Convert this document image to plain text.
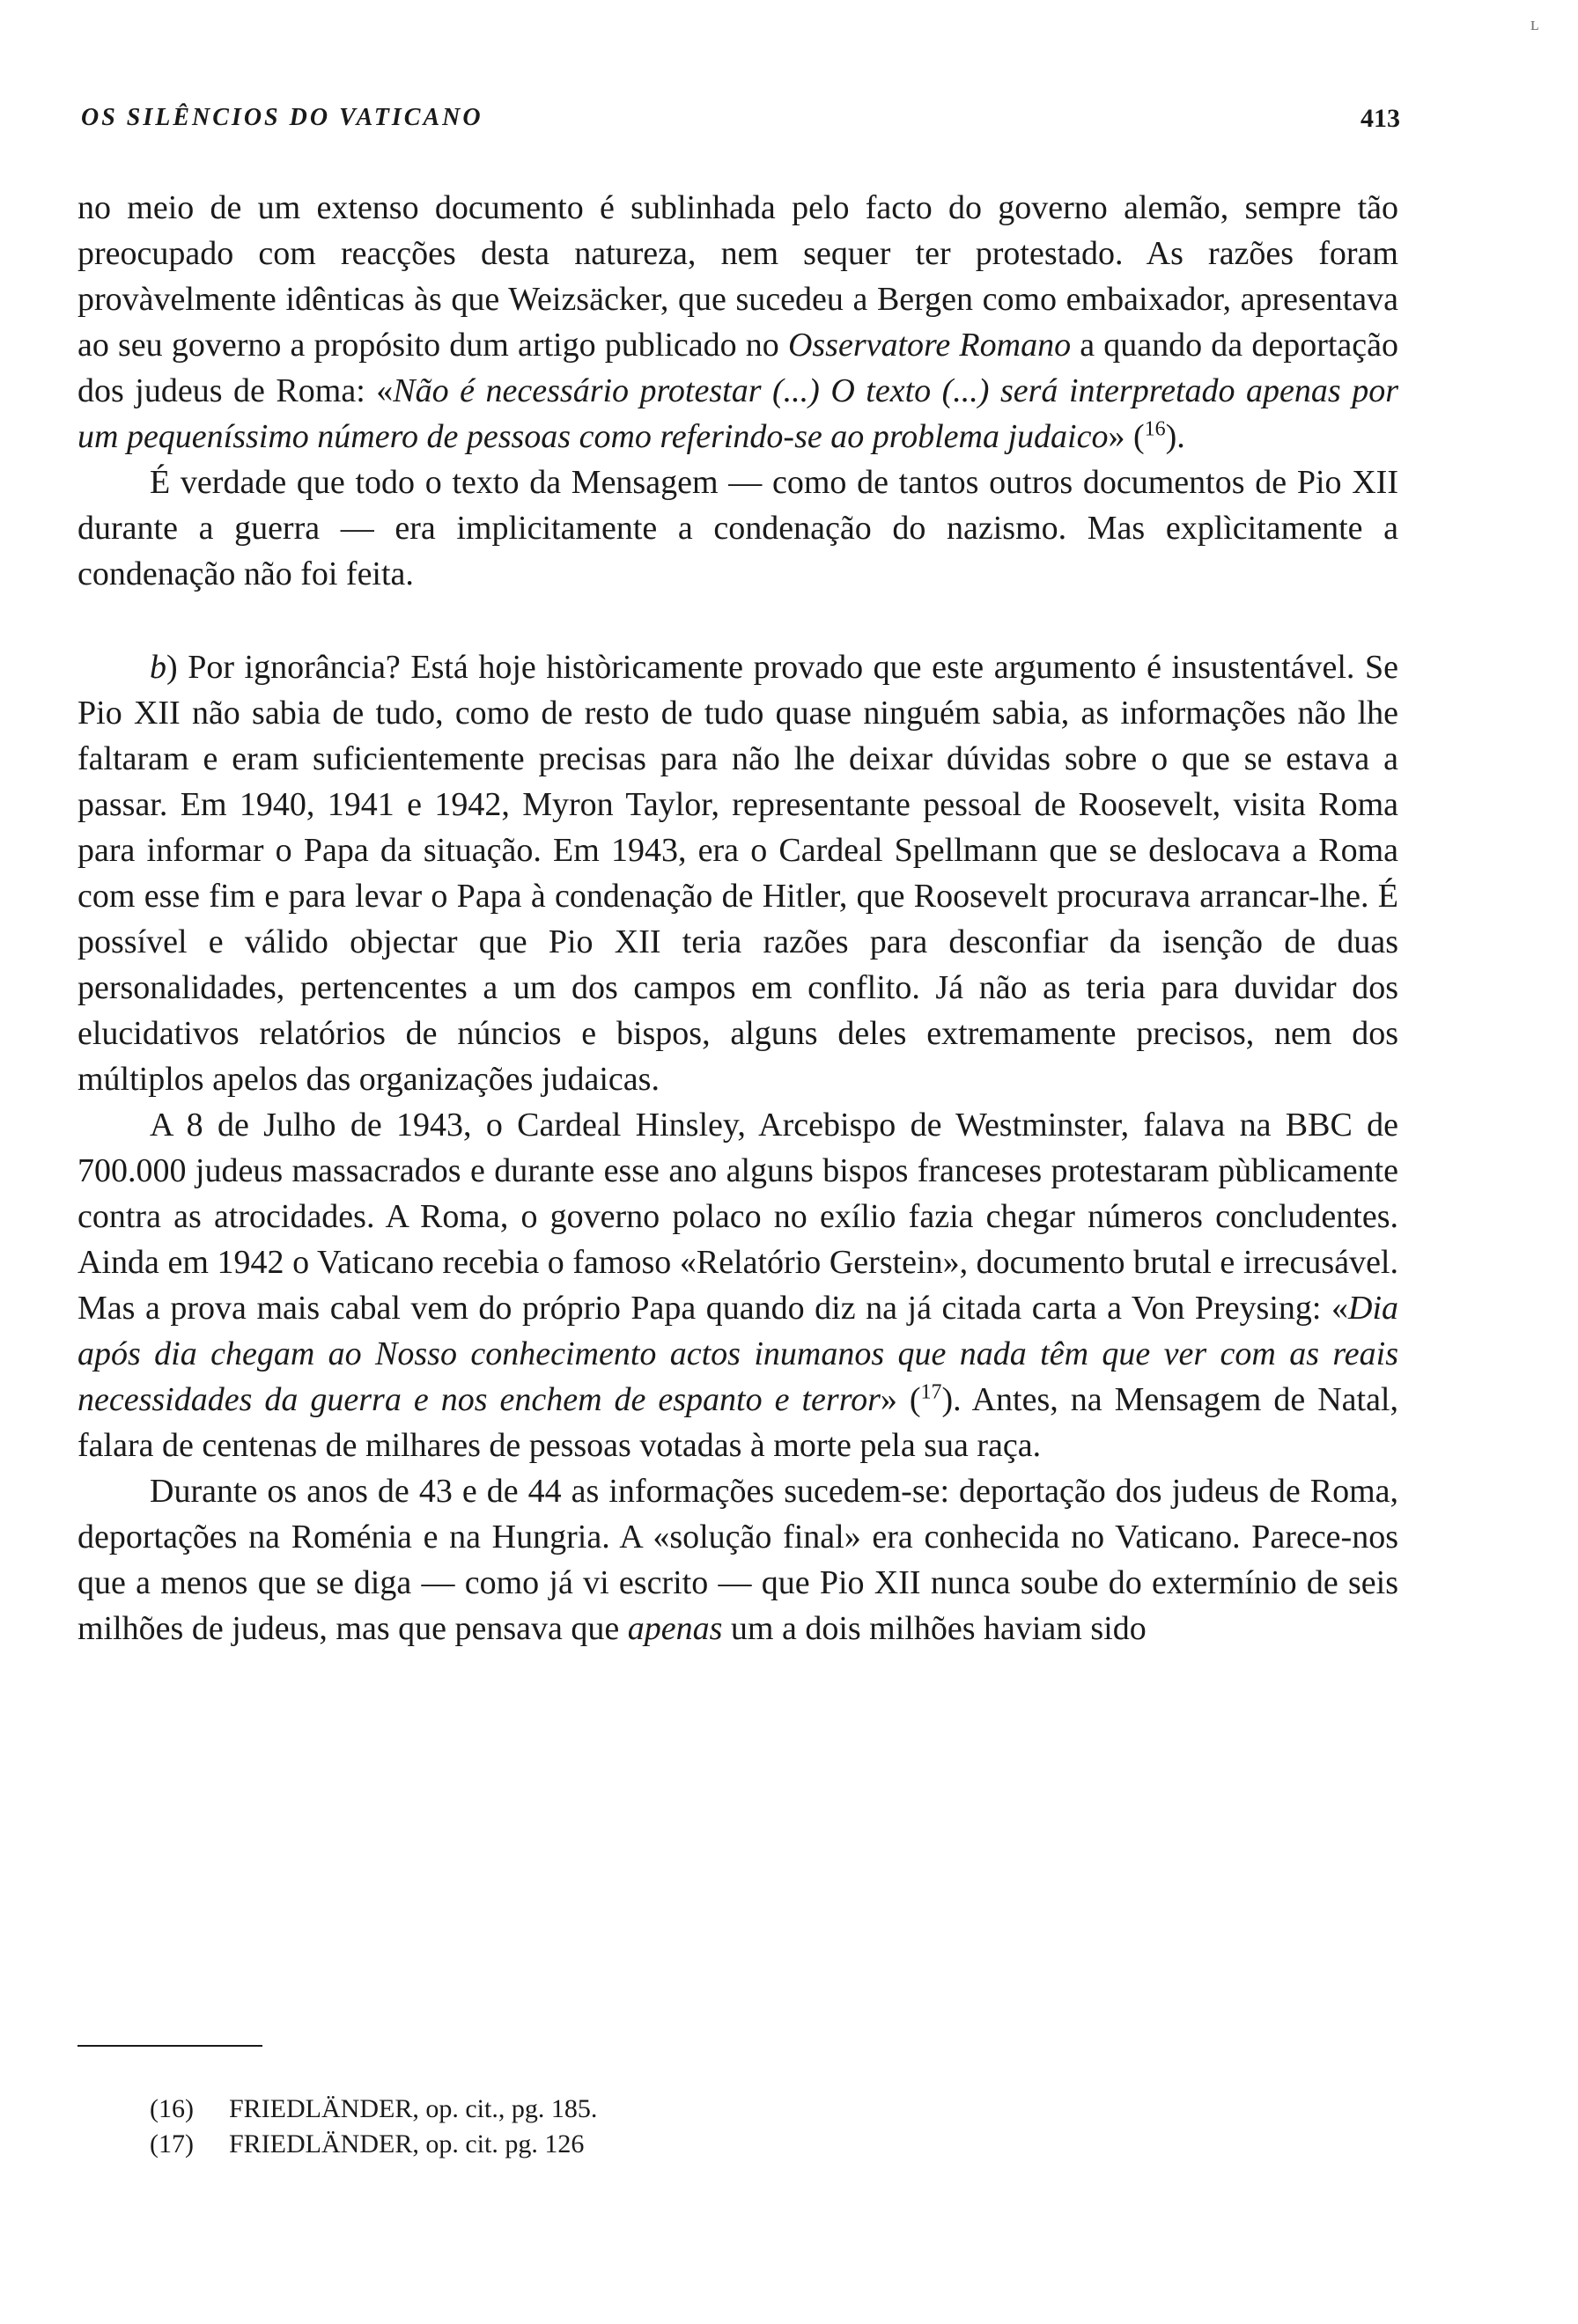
ʟ
OS SILÊNCIOS DO VATICANO	413

no meio de um extenso documento é sublinhada pelo facto do governo alemão, sempre tão preocupado com reacções desta natureza, nem sequer ter protestado. As razões foram provàvelmente idênticas às que Weizsäcker, que sucedeu a Bergen como embaixador, apresentava ao seu governo a propósito dum artigo publicado no Osservatore Romano a quando da deportação dos judeus de Roma: «Não é necessário protestar (...) O texto (...) será interpretado apenas por um pequeníssimo número de pessoas como referindo-se ao problema judaico» ($^{16}$).

É verdade que todo o texto da Mensagem — como de tantos outros documentos de Pio XII durante a guerra — era implicitamente a condenação do nazismo. Mas explìcitamente a condenação não foi feita.

b) Por ignorância? Está hoje històricamente provado que este argumento é insustentável. Se Pio XII não sabia de tudo, como de resto de tudo quase ninguém sabia, as informações não lhe faltaram e eram suficientemente precisas para não lhe deixar dúvidas sobre o que se estava a passar. Em 1940, 1941 e 1942, Myron Taylor, representante pessoal de Roosevelt, visita Roma para informar o Papa da situação. Em 1943, era o Cardeal Spellmann que se deslocava a Roma com esse fim e para levar o Papa à condenação de Hitler, que Roosevelt procurava arrancar-lhe. É possível e válido objectar que Pio XII teria razões para desconfiar da isenção de duas personalidades, pertencentes a um dos campos em conflito. Já não as teria para duvidar dos elucidativos relatórios de núncios e bispos, alguns deles extremamente precisos, nem dos múltiplos apelos das organizações judaicas.

A 8 de Julho de 1943, o Cardeal Hinsley, Arcebispo de Westminster, falava na BBC de 700.000 judeus massacrados e durante esse ano alguns bispos franceses protestaram pùblicamente contra as atrocidades. A Roma, o governo polaco no exílio fazia chegar números concludentes. Ainda em 1942 o Vaticano recebia o famoso «Relatório Gerstein», documento brutal e irrecusável. Mas a prova mais cabal vem do próprio Papa quando diz na já citada carta a Von Preysing: «Dia após dia chegam ao Nosso conhecimento actos inumanos que nada têm que ver com as reais necessidades da guerra e nos enchem de espanto e terror» ($^{17}$). Antes, na Mensagem de Natal, falara de centenas de milhares de pessoas votadas à morte pela sua raça.

Durante os anos de 43 e de 44 as informações sucedem-se: deportação dos judeus de Roma, deportações na Roménia e na Hungria. A «solução final» era conhecida no Vaticano. Parece-nos que a menos que se diga — como já vi escrito — que Pio XII nunca soube do extermínio de seis milhões de judeus, mas que pensava que apenas um a dois milhões haviam sido

(16)	FRIEDLÄNDER, op. cit., pg. 185.
(17)	FRIEDLÄNDER, op. cit. pg. 126
